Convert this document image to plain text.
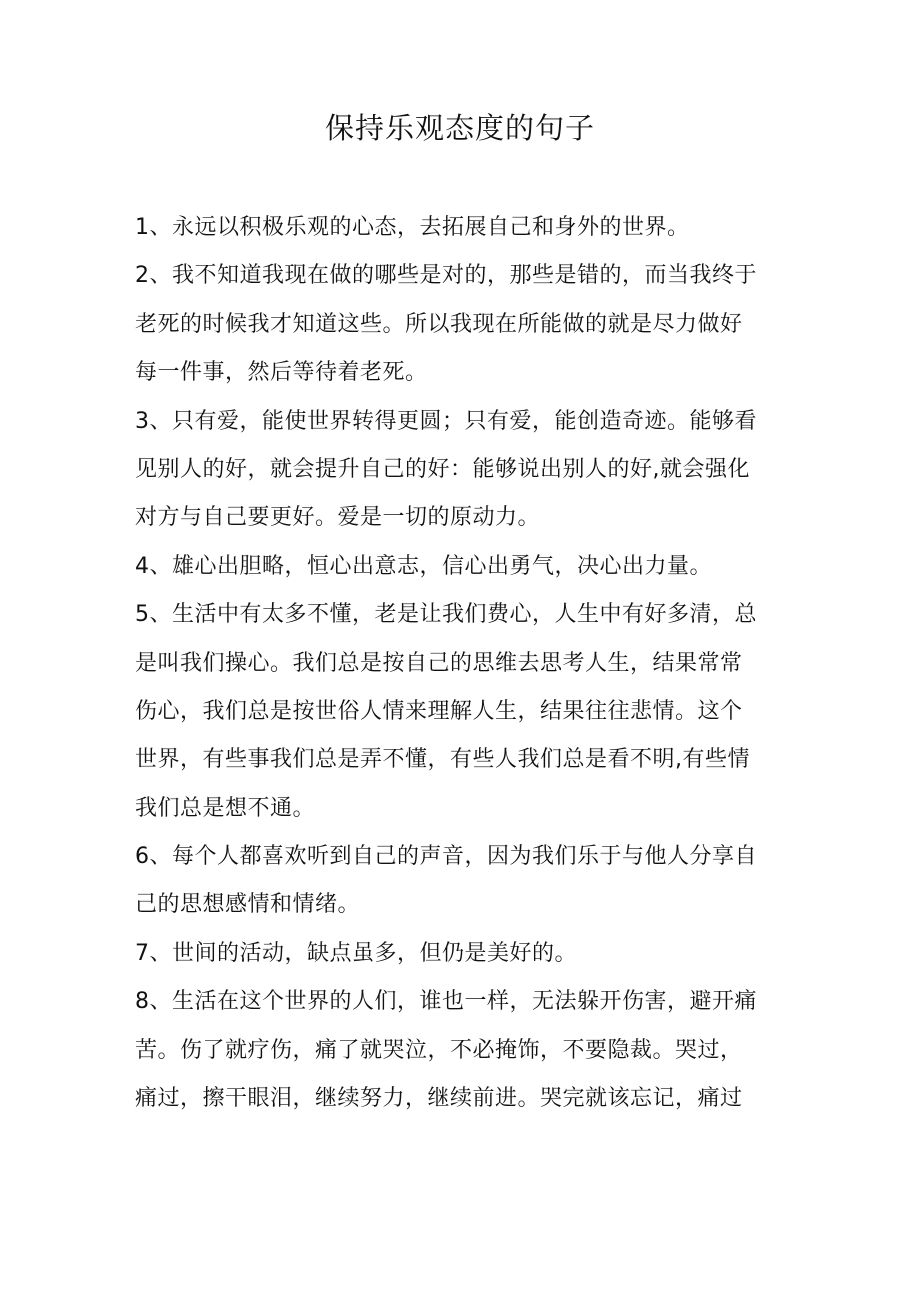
保持乐观态度的句子
1、永远以积极乐观的心态，去拓展自己和身外的世界。
2、我不知道我现在做的哪些是对的，那些是错的，而当我终于
老死的时候我才知道这些。所以我现在所能做的就是尽力做好
每一件事，然后等待着老死。
3、只有爱，能使世界转得更圆；只有爱，能创造奇迹。能够看
见别人的好，就会提升自己的好：能够说出别人的好,就会强化
对方与自己要更好。爱是一切的原动力。
4、雄心出胆略，恒心出意志，信心出勇气，决心出力量。
5、生活中有太多不懂，老是让我们费心，人生中有好多清，总
是叫我们操心。我们总是按自己的思维去思考人生，结果常常
伤心，我们总是按世俗人情来理解人生，结果往往悲情。这个
世界，有些事我们总是弄不懂，有些人我们总是看不明,有些情
我们总是想不通。
6、每个人都喜欢听到自己的声音，因为我们乐于与他人分享自
己的思想感情和情绪。
7、世间的活动，缺点虽多，但仍是美好的。
8、生活在这个世界的人们，谁也一样，无法躲开伤害，避开痛
苦。伤了就疗伤，痛了就哭泣，不必掩饰，不要隐裁。哭过，
痛过，擦干眼泪，继续努力，继续前进。哭完就该忘记，痛过
